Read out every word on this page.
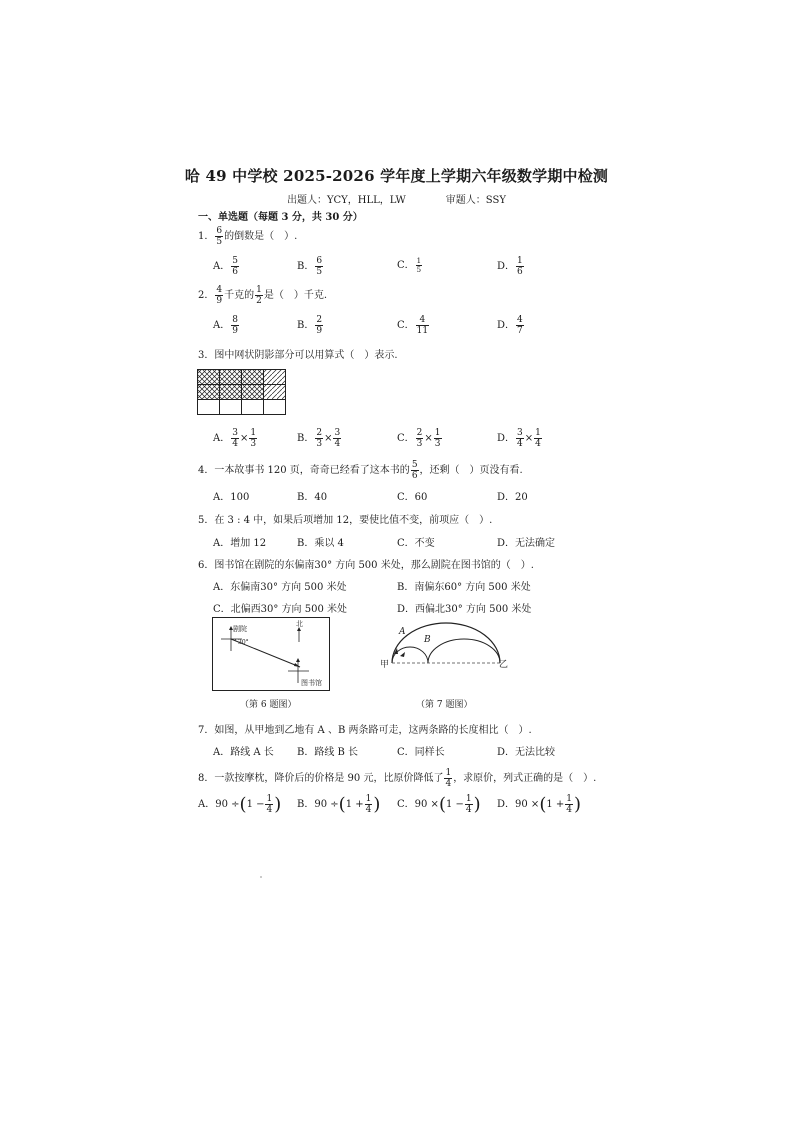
哈 49 中学校 2025-2026 学年度上学期六年级数学期中检测
出题人：YCY，HLL，LW	审题人：SSY
一、单选题（每题 3 分，共 30 分）
1． $\frac{6}{5}$ 的倒数是（　）.
A． $\frac{5}{6}$	B． $\frac{6}{5}$	C． $\frac{1}{5}$	D． $\frac{1}{6}$
2． $\frac{4}{9}$ 千克的 $\frac{1}{2}$ 是（　）千克.
A． $\frac{8}{9}$	B． $\frac{2}{9}$	C． $\frac{4}{11}$	D． $\frac{4}{7}$
3．图中网状阴影部分可以用算式（　）表示.
A． $\frac{3}{4} \times \frac{1}{3}$	B． $\frac{2}{3} \times \frac{3}{4}$	C． $\frac{2}{3} \times \frac{1}{3}$	D． $\frac{3}{4} \times \frac{1}{4}$
4．一本故事书 120 页，奇奇已经看了这本书的 $\frac{5}{6}$ ，还剩（　）页没有看.
A．100	B．40	C．60	D．20
5．在 3 : 4 中，如果后项增加 12，要使比值不变，前项应（　）.
A．增加 12	B．乘以 4	C．不变	D．无法确定
6．图书馆在剧院的东偏南30° 方向 500 米处，那么剧院在图书馆的（　）.
A．东偏南30° 方向 500 米处	B．南偏东60° 方向 500 米处
C．北偏西30° 方向 500 米处	D．西偏北30° 方向 500 米处
剧院
北
30°
图书馆
（第 6 题图）
A
B
甲	乙
（第 7 题图）
7．如图，从甲地到乙地有 A 、B 两条路可走，这两条路的长度相比（　）.
A．路线 A 长 B．路线 B 长	C．同样长	D．无法比较
8．一款按摩枕，降价后的价格是 90 元，比原价降低了 $\frac{1}{4}$ ，求原价，列式正确的是（　）.
A．$90 \div(1 - \frac{1}{4}$ ) B．$90 \div(1 + \frac{1}{4}$ ) C．$90 \times(1 - \frac{1}{4}$ ) D．$90 \times(1 + \frac{1}{4}$ )
